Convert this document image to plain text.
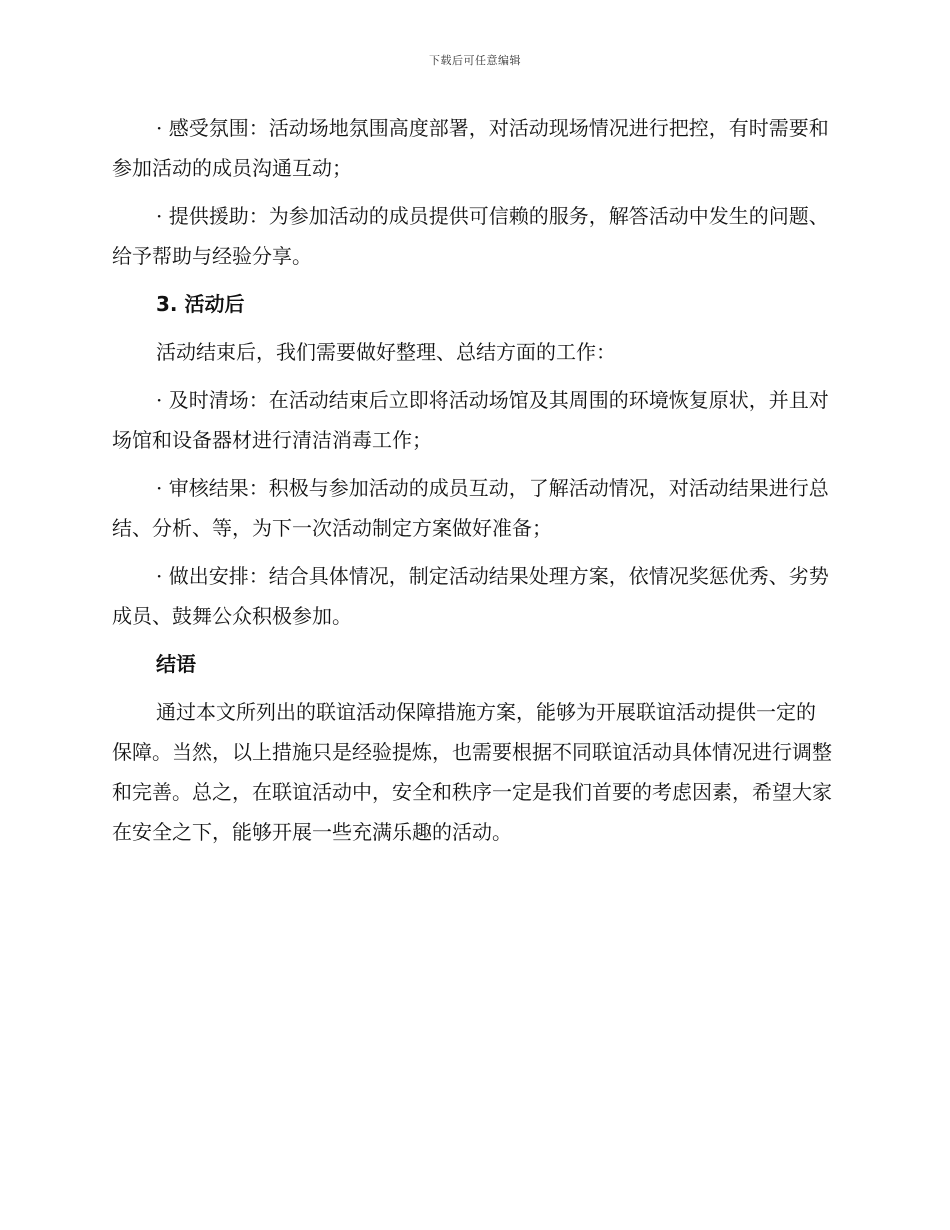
下载后可任意编辑

· 感受氛围：活动场地氛围高度部署，对活动现场情况进行把控，有时需要和参加活动的成员沟通互动；

· 提供援助：为参加活动的成员提供可信赖的服务，解答活动中发生的问题、给予帮助与经验分享。

3. 活动后

活动结束后，我们需要做好整理、总结方面的工作：

· 及时清场：在活动结束后立即将活动场馆及其周围的环境恢复原状，并且对场馆和设备器材进行清洁消毒工作；

· 审核结果：积极与参加活动的成员互动，了解活动情况，对活动结果进行总结、分析、等，为下一次活动制定方案做好准备；

· 做出安排：结合具体情况，制定活动结果处理方案，依情况奖惩优秀、劣势成员、鼓舞公众积极参加。

结语

通过本文所列出的联谊活动保障措施方案，能够为开展联谊活动提供一定的保障。当然，以上措施只是经验提炼，也需要根据不同联谊活动具体情况进行调整和完善。总之，在联谊活动中，安全和秩序一定是我们首要的考虑因素，希望大家在安全之下，能够开展一些充满乐趣的活动。
